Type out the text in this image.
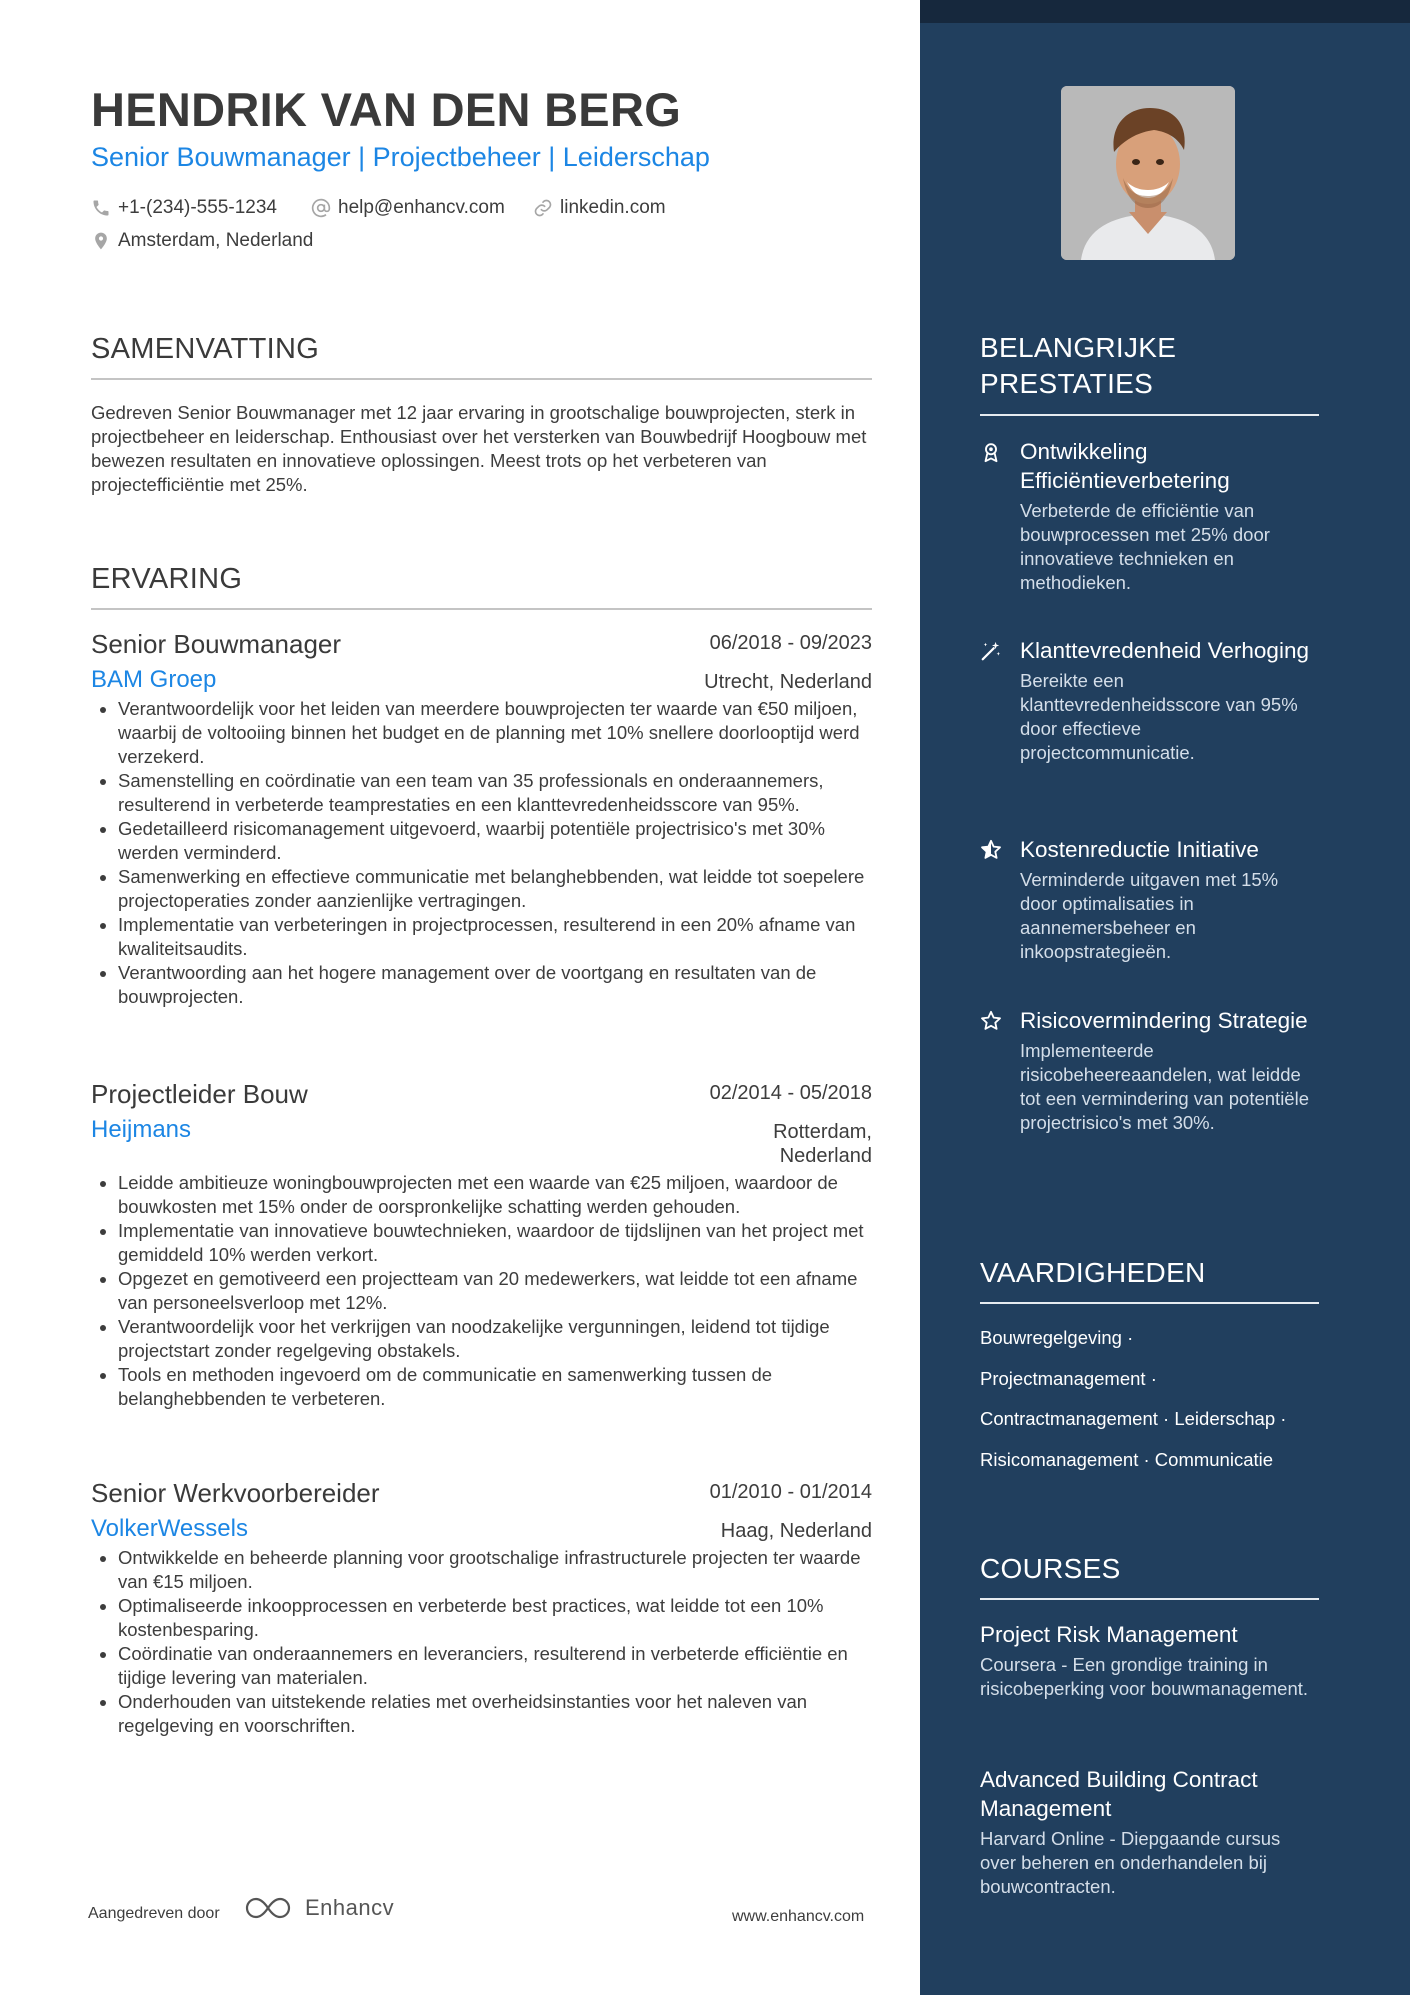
HENDRIK VAN DEN BERG
Senior Bouwmanager | Projectbeheer | Leiderschap
+1-(234)-555-1234	help@enhancv.com	linkedin.com
Amsterdam, Nederland
SAMENVATTING
Gedreven Senior Bouwmanager met 12 jaar ervaring in grootschalige bouwprojecten, sterk in projectbeheer en leiderschap. Enthousiast over het versterken van Bouwbedrijf Hoogbouw met bewezen resultaten en innovatieve oplossingen. Meest trots op het verbeteren van projectefficiëntie met 25%.
ERVARING
Senior Bouwmanager	06/2018 - 09/2023
BAM Groep	Utrecht, Nederland
• Verantwoordelijk voor het leiden van meerdere bouwprojecten ter waarde van €50 miljoen, waarbij de voltooiing binnen het budget en de planning met 10% snellere doorlooptijd werd verzekerd.
• Samenstelling en coördinatie van een team van 35 professionals en onderaannemers, resulterend in verbeterde teamprestaties en een klanttevredenheidsscore van 95%.
• Gedetailleerd risicomanagement uitgevoerd, waarbij potentiële projectrisico's met 30% werden verminderd.
• Samenwerking en effectieve communicatie met belanghebbenden, wat leidde tot soepelere projectoperaties zonder aanzienlijke vertragingen.
• Implementatie van verbeteringen in projectprocessen, resulterend in een 20% afname van kwaliteitsaudits.
• Verantwoording aan het hogere management over de voortgang en resultaten van de bouwprojecten.
Projectleider Bouw	02/2014 - 05/2018
Heijmans	Rotterdam,
Nederland
• Leidde ambitieuze woningbouwprojecten met een waarde van €25 miljoen, waardoor de bouwkosten met 15% onder de oorspronkelijke schatting werden gehouden.
• Implementatie van innovatieve bouwtechnieken, waardoor de tijdslijnen van het project met gemiddeld 10% werden verkort.
• Opgezet en gemotiveerd een projectteam van 20 medewerkers, wat leidde tot een afname van personeelsverloop met 12%.
• Verantwoordelijk voor het verkrijgen van noodzakelijke vergunningen, leidend tot tijdige projectstart zonder regelgeving obstakels.
• Tools en methoden ingevoerd om de communicatie en samenwerking tussen de belanghebbenden te verbeteren.
Senior Werkvoorbereider	01/2010 - 01/2014
VolkerWessels	Haag, Nederland
• Ontwikkelde en beheerde planning voor grootschalige infrastructurele projecten ter waarde van €15 miljoen.
• Optimaliseerde inkoopprocessen en verbeterde best practices, wat leidde tot een 10% kostenbesparing.
• Coördinatie van onderaannemers en leveranciers, resulterend in verbeterde efficiëntie en tijdige levering van materialen.
• Onderhouden van uitstekende relaties met overheidsinstanties voor het naleven van regelgeving en voorschriften.
Aangedreven door	Enhancv	www.enhancv.com
BELANGRIJKE PRESTATIES
Ontwikkeling Efficiëntieverbetering
Verbeterde de efficiëntie van bouwprocessen met 25% door innovatieve technieken en methodieken.
Klanttevredenheid Verhoging
Bereikte een klanttevredenheidsscore van 95% door effectieve projectcommunicatie.
Kostenreductie Initiative
Verminderde uitgaven met 15% door optimalisaties in aannemersbeheer en inkoopstrategieën.
Risicovermindering Strategie
Implementeerde risicobeheereaandelen, wat leidde tot een vermindering van potentiële projectrisico's met 30%.
VAARDIGHEDEN
Bouwregelgeving ·
Projectmanagement ·
Contractmanagement · Leiderschap ·
Risicomanagement · Communicatie
COURSES
Project Risk Management
Coursera - Een grondige training in risicobeperking voor bouwmanagement.
Advanced Building Contract Management
Harvard Online - Diepgaande cursus over beheren en onderhandelen bij bouwcontracten.
